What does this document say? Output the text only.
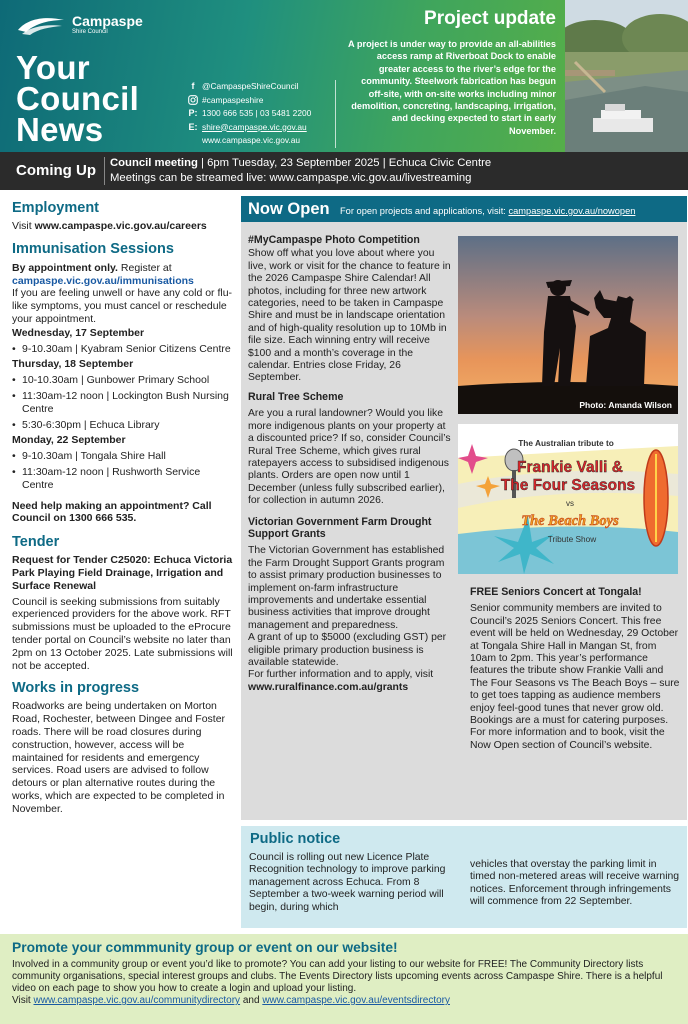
Campaspe
Shire Council
Your
Council
News
f @CampaspeShireCouncil
#campaspeshire
P: 1300 666 535 | 03 5481 2200
E: shire@campaspe.vic.gov.au
www.campaspe.vic.gov.au
Project update
A project is under way to provide an all-abilities access ramp at Riverboat Dock to enable greater access to the river’s edge for the community. Steelwork fabrication has begun off-site, with on-site works including minor demolition, concreting, landscaping, irrigation, and decking expected to start in early November.
Coming Up Council meeting | 6pm Tuesday, 23 September 2025 | Echuca Civic Centre
Meetings can be streamed live: www.campaspe.vic.gov.au/livestreaming
Employment
Visit www.campaspe.vic.gov.au/careers
Immunisation Sessions
By appointment only. Register at
campaspe.vic.gov.au/immunisations
If you are feeling unwell or have any cold or flu-like symptoms, you must cancel or reschedule your appointment.
Wednesday, 17 September
• 9-10.30am | Kyabram Senior Citizens Centre
Thursday, 18 September
• 10-10.30am | Gunbower Primary School
• 11:30am-12 noon | Lockington Bush Nursing Centre
• 5:30-6:30pm | Echuca Library
Monday, 22 September
• 9-10.30am | Tongala Shire Hall
• 11:30am-12 noon | Rushworth Service Centre
Need help making an appointment? Call Council on 1300 666 535.
Tender
Request for Tender C25020: Echuca Victoria Park Playing Field Drainage, Irrigation and Surface Renewal
Council is seeking submissions from suitably experienced providers for the above work. RFT submissions must be uploaded to the eProcure tender portal on Council’s website no later than 2pm on 13 October 2025. Late submissions will not be accepted.
Works in progress
Roadworks are being undertaken on Morton Road, Rochester, between Dingee and Foster roads. There will be road closures during construction, however, access will be maintained for residents and emergency services. Road users are advised to follow detours or plan alternative routes during the works, which are expected to be completed in November.
Now Open For open projects and applications, visit: campaspe.vic.gov.au/nowopen
#MyCampaspe Photo Competition
Show off what you love about where you live, work or visit for the chance to feature in the 2026 Campaspe Shire Calendar! All photos, including for three new artwork categories, need to be taken in Campaspe Shire and must be in landscape orientation and of high-quality resolution up to 10Mb in file size. Each winning entry will receive $100 and a month’s coverage in the calendar. Entries close Friday, 26 September.
Rural Tree Scheme
Are you a rural landowner? Would you like more indigenous plants on your property at a discounted price? If so, consider Council’s Rural Tree Scheme, which gives rural ratepayers access to subsidised indigenous plants. Orders are open now until 1 December (unless fully subscribed earlier), for collection in autumn 2026.
Victorian Government Farm Drought Support Grants
The Victorian Government has established the Farm Drought Support Grants program to assist primary production businesses to implement on-farm infrastructure improvements and undertake essential business activities that improve drought management and preparedness.
A grant of up to $5000 (excluding GST) per eligible primary production business is available statewide.
For further information and to apply, visit www.ruralfinance.com.au/grants
Photo: Amanda Wilson
The Australian tribute to
Frankie Valli &
The Four Seasons
vs
The Beach Boys
Tribute Show
FREE Seniors Concert at Tongala!
Senior community members are invited to Council’s 2025 Seniors Concert. This free event will be held on Wednesday, 29 October at Tongala Shire Hall in Mangan St, from 10am to 2pm. This year’s performance features the tribute show Frankie Valli and The Four Seasons vs The Beach Boys – sure to get toes tapping as audience members enjoy feel-good tunes that never grow old. Bookings are a must for catering purposes. For more information and to book, visit the Now Open section of Council’s website.
Public notice
Council is rolling out new Licence Plate Recognition technology to improve parking management across Echuca. From 8 September a two-week warning period will begin, during which
vehicles that overstay the parking limit in timed non-metered areas will receive warning notices. Enforcement through infringements will commence from 22 September.
Promote your commmunity group or event on our website!
Involved in a community group or event you’d like to promote? You can add your listing to our website for FREE! The Community Directory lists community organisations, special interest groups and clubs. The Events Directory lists upcoming events across Campaspe Shire. There is a helpful video on each page to show you how to create a login and upload your listing.
Visit www.campaspe.vic.gov.au/communitydirectory and www.campaspe.vic.gov.au/eventsdirectory
